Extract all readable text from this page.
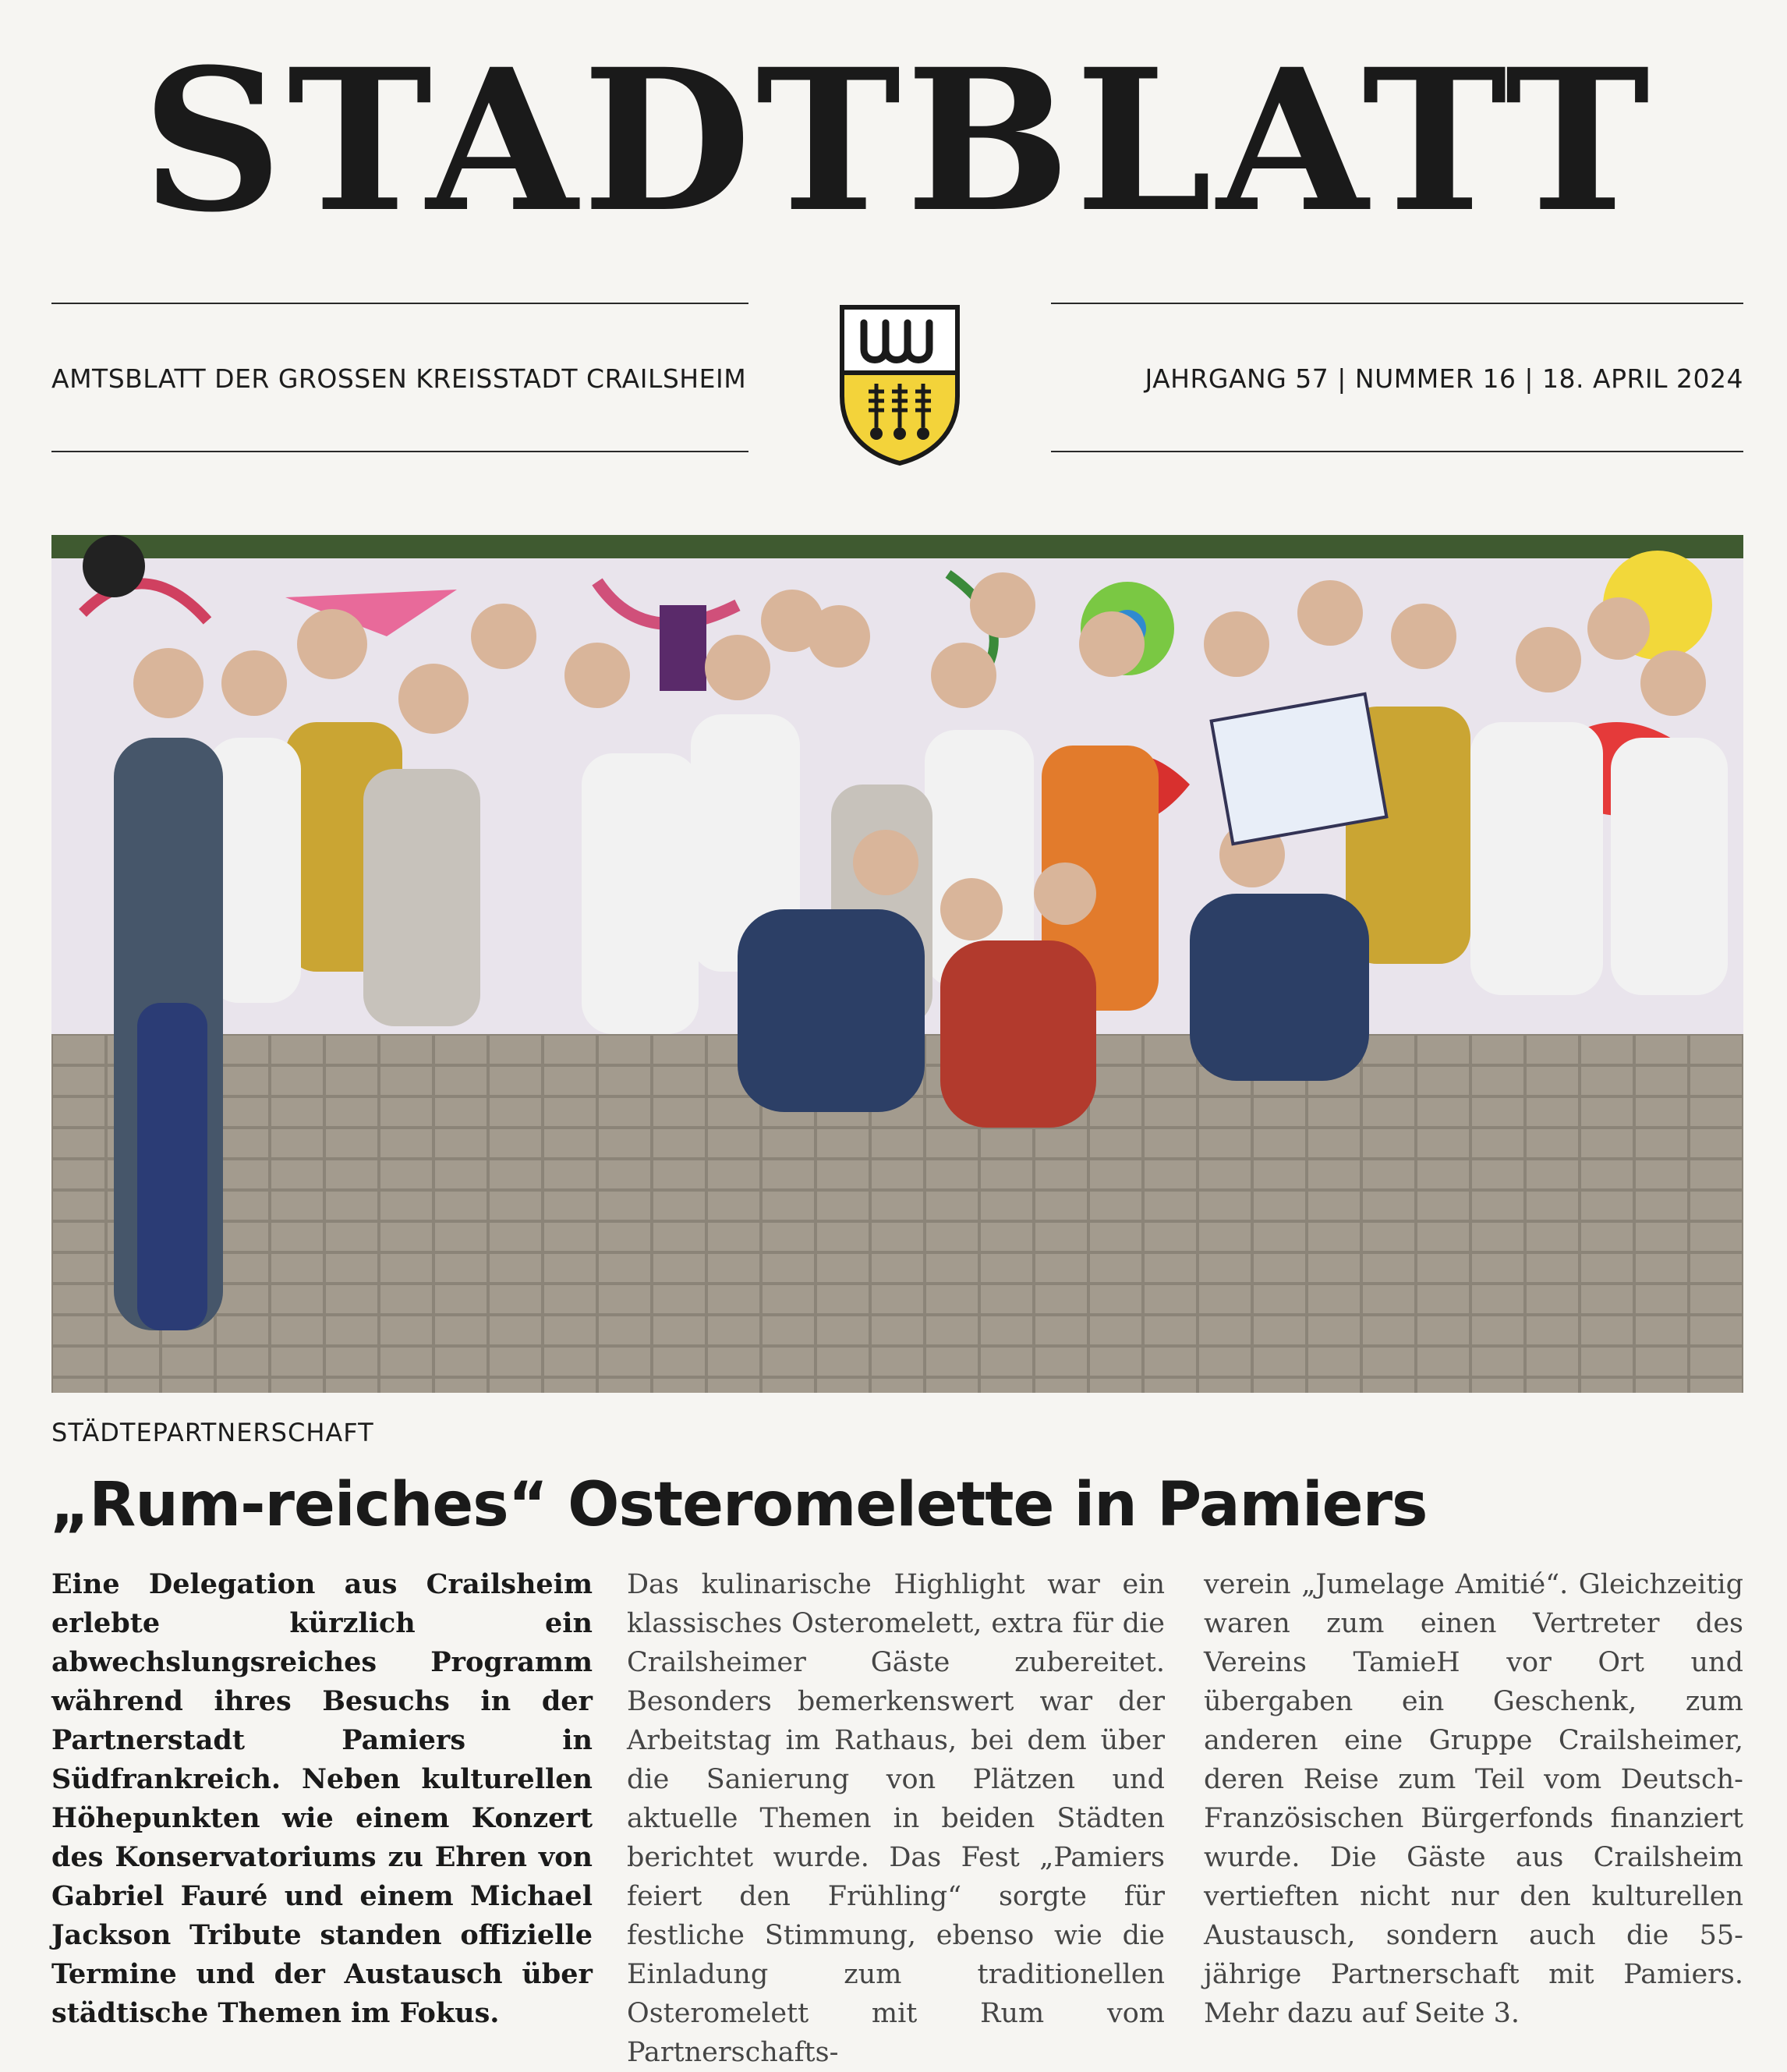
STADTBLATT
AMTSBLATT DER GROSSEN KREISSTADT CRAILSHEIM	JAHRGANG 57 | NUMMER 16 | 18. APRIL 2024
STÄDTEPARTNERSCHAFT
„Rum-reiches“ Osteromelette in Pamiers
Eine Delegation aus Crailsheim erlebte kürzlich ein abwechslungsreiches Programm während ihres Besuchs in der Partnerstadt Pamiers in Südfrankreich. Neben kulturellen Höhepunkten wie einem Konzert des Konservatoriums zu Ehren von Gabriel Fauré und einem Michael Jackson Tribute standen offizielle Termine und der Austausch über städtische Themen im Fokus.
Das kulinarische Highlight war ein klassisches Osteromelett, extra für die Crailsheimer Gäste zubereitet. Besonders bemerkenswert war der Arbeitstag im Rathaus, bei dem über die Sanierung von Plätzen und aktuelle Themen in beiden Städten berichtet wurde. Das Fest „Pamiers feiert den Frühling“ sorgte für festliche Stimmung, ebenso wie die Einladung zum traditionellen Osteromelett mit Rum vom Partnerschafts-
verein „Jumelage Amitié“. Gleichzeitig waren zum einen Vertreter des Vereins TamieH vor Ort und übergaben ein Geschenk, zum anderen eine Gruppe Crailsheimer, deren Reise zum Teil vom Deutsch-Französischen Bürgerfonds finanziert wurde. Die Gäste aus Crailsheim vertieften nicht nur den kulturellen Austausch, sondern auch die 55-jährige Partnerschaft mit Pamiers. Mehr dazu auf Seite 3.
